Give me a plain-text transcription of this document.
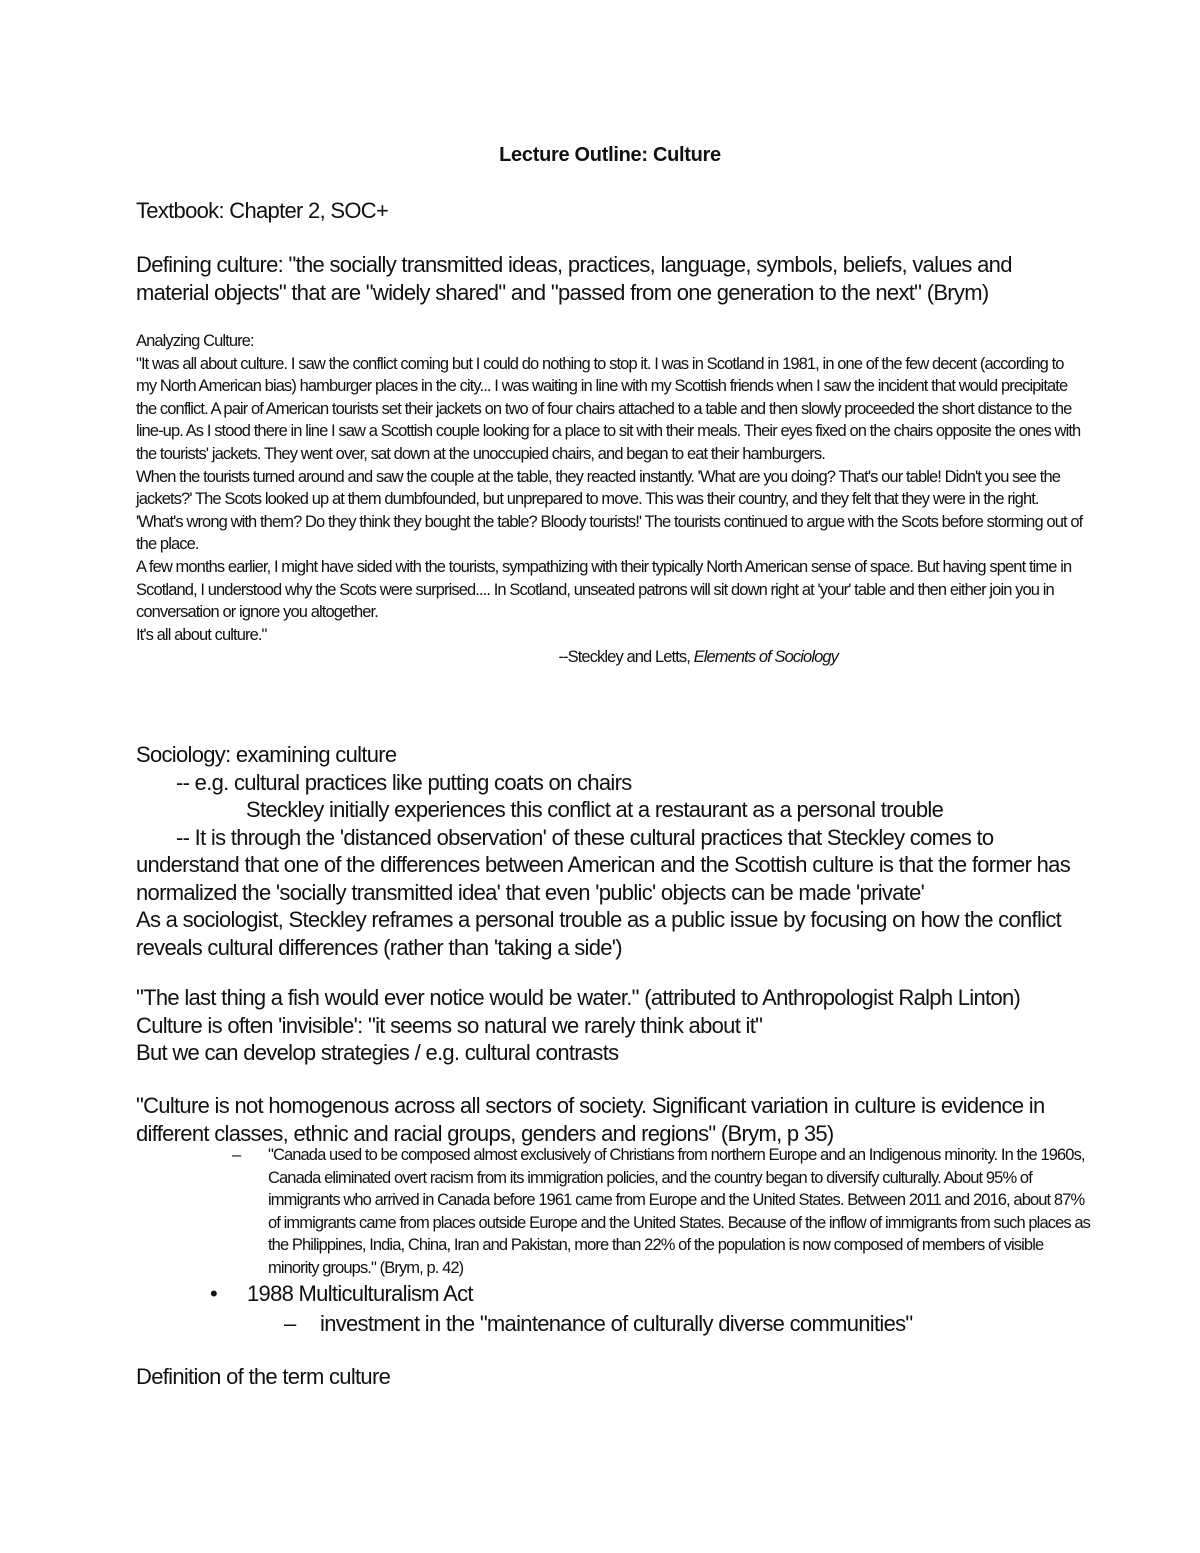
Lecture Outline: Culture
Textbook: Chapter 2, SOC+

Defining culture: "the socially transmitted ideas, practices, language, symbols, beliefs, values and material objects" that are "widely shared" and "passed from one generation to the next" (Brym)

Analyzing Culture:

"It was all about culture. I saw the conflict coming but I could do nothing to stop it. I was in Scotland in 1981, in one of the few decent (according to my North American bias) hamburger places in the city... I was waiting in line with my Scottish friends when I saw the incident that would precipitate the conflict. A pair of American tourists set their jackets on two of four chairs attached to a table and then slowly proceeded the short distance to the line-up. As I stood there in line I saw a Scottish couple looking for a place to sit with their meals. Their eyes fixed on the chairs opposite the ones with the tourists' jackets. They went over, sat down at the unoccupied chairs, and began to eat their hamburgers.

When the tourists turned around and saw the couple at the table, they reacted instantly. 'What are you doing? That's our table! Didn't you see the jackets?' The Scots looked up at them dumbfounded, but unprepared to move. This was their country, and they felt that they were in the right.

'What's wrong with them? Do they think they bought the table? Bloody tourists!' The tourists continued to argue with the Scots before storming out of the place.

A few months earlier, I might have sided with the tourists, sympathizing with their typically North American sense of space. But having spent time in Scotland, I understood why the Scots were surprised.... In Scotland, unseated patrons will sit down right at 'your' table and then either join you in conversation or ignore you altogether.

It's all about culture."

--Steckley and Letts, Elements of Sociology
Sociology: examining culture
-- e.g. cultural practices like putting coats on chairs
Steckley initially experiences this conflict at a restaurant as a personal trouble

-- It is through the 'distanced observation' of these cultural practices that Steckley comes to understand that one of the differences between American and the Scottish culture is that the former has normalized the 'socially transmitted idea' that even 'public' objects can be made 'private'

As a sociologist, Steckley reframes a personal trouble as a public issue by focusing on how the conflict reveals cultural differences (rather than 'taking a side')

"The last thing a fish would ever notice would be water." (attributed to Anthropologist Ralph Linton)
Culture is often 'invisible': "it seems so natural we rarely think about it"
But we can develop strategies / e.g. cultural contrasts

"Culture is not homogenous across all sectors of society. Significant variation in culture is evidence in different classes, ethnic and racial groups, genders and regions" (Brym, p 35)

–	"Canada used to be composed almost exclusively of Christians from northern Europe and an Indigenous minority. In the 1960s, Canada eliminated overt racism from its immigration policies, and the country began to diversify culturally. About 95% of immigrants who arrived in Canada before 1961 came from Europe and the United States. Between 2011 and 2016, about 87% of immigrants came from places outside Europe and the United States. Because of the inflow of immigrants from such places as the Philippines, India, China, Iran and Pakistan, more than 22% of the population is now composed of members of visible minority groups." (Brym, p. 42)
•	1988 Multiculturalism Act
–	investment in the "maintenance of culturally diverse communities"
Definition of the term culture
